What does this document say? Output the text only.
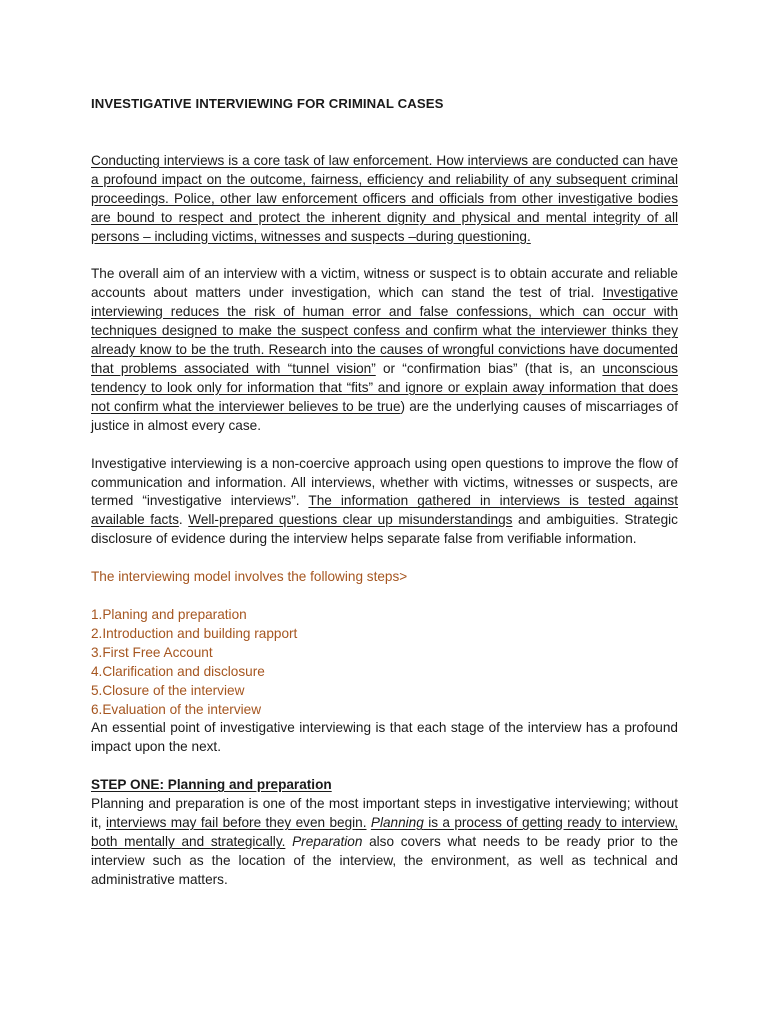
INVESTIGATIVE INTERVIEWING FOR CRIMINAL CASES

Conducting interviews is a core task of law enforcement. How interviews are conducted can have a profound impact on the outcome, fairness, efficiency and reliability of any subsequent criminal proceedings. Police, other law enforcement officers and officials from other investigative bodies are bound to respect and protect the inherent dignity and physical and mental integrity of all persons – including victims, witnesses and suspects –during questioning.

The overall aim of an interview with a victim, witness or suspect is to obtain accurate and reliable accounts about matters under investigation, which can stand the test of trial. Investigative interviewing reduces the risk of human error and false confessions, which can occur with techniques designed to make the suspect confess and confirm what the interviewer thinks they already know to be the truth. Research into the causes of wrongful convictions have documented that problems associated with “tunnel vision” or “confirmation bias” (that is, an unconscious tendency to look only for information that “fits” and ignore or explain away information that does not confirm what the interviewer believes to be true) are the underlying causes of miscarriages of justice in almost every case.

Investigative interviewing is a non-coercive approach using open questions to improve the flow of communication and information. All interviews, whether with victims, witnesses or suspects, are termed “investigative interviews”. The information gathered in interviews is tested against available facts. Well-prepared questions clear up misunderstandings and ambiguities. Strategic disclosure of evidence during the interview helps separate false from verifiable information.

The interviewing model involves the following steps>

1.Planing and preparation
2.Introduction and building rapport
3.First Free Account
4.Clarification and disclosure
5.Closure of the interview
6.Evaluation of the interview

An essential point of investigative interviewing is that each stage of the interview has a profound impact upon the next.

STEP ONE: Planning and preparation

Planning and preparation is one of the most important steps in investigative interviewing; without it, interviews may fail before they even begin. Planning is a process of getting ready to interview, both mentally and strategically. Preparation also covers what needs to be ready prior to the interview such as the location of the interview, the environment, as well as technical and administrative matters.
